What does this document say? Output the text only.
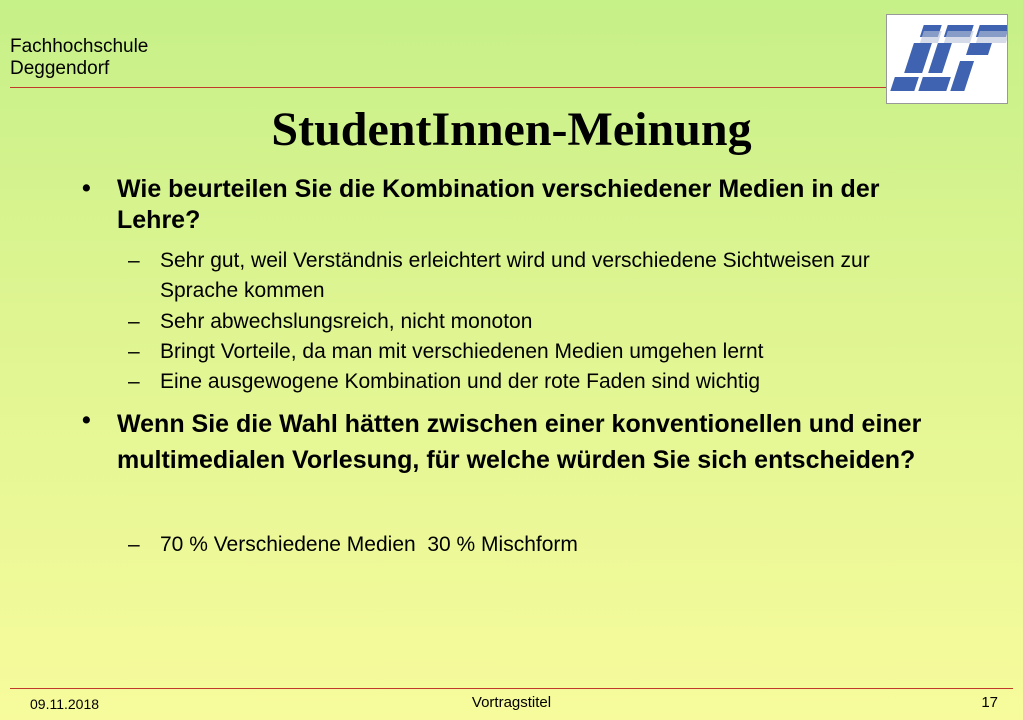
Fachhochschule
Deggendorf
StudentInnen-Meinung
• Wie beurteilen Sie die Kombination verschiedener Medien in der Lehre?
– Sehr gut, weil Verständnis erleichtert wird und verschiedene Sichtweisen zur Sprache kommen
– Sehr abwechslungsreich, nicht monoton
– Bringt Vorteile, da man mit verschiedenen Medien umgehen lernt
– Eine ausgewogene Kombination und der rote Faden sind wichtig
• Wenn Sie die Wahl hätten zwischen einer konventionellen und einer multimedialen Vorlesung, für welche würden Sie sich entscheiden?
– 70 % Verschiedene Medien  30 % Mischform
09.11.2018	Vortragstitel	17
